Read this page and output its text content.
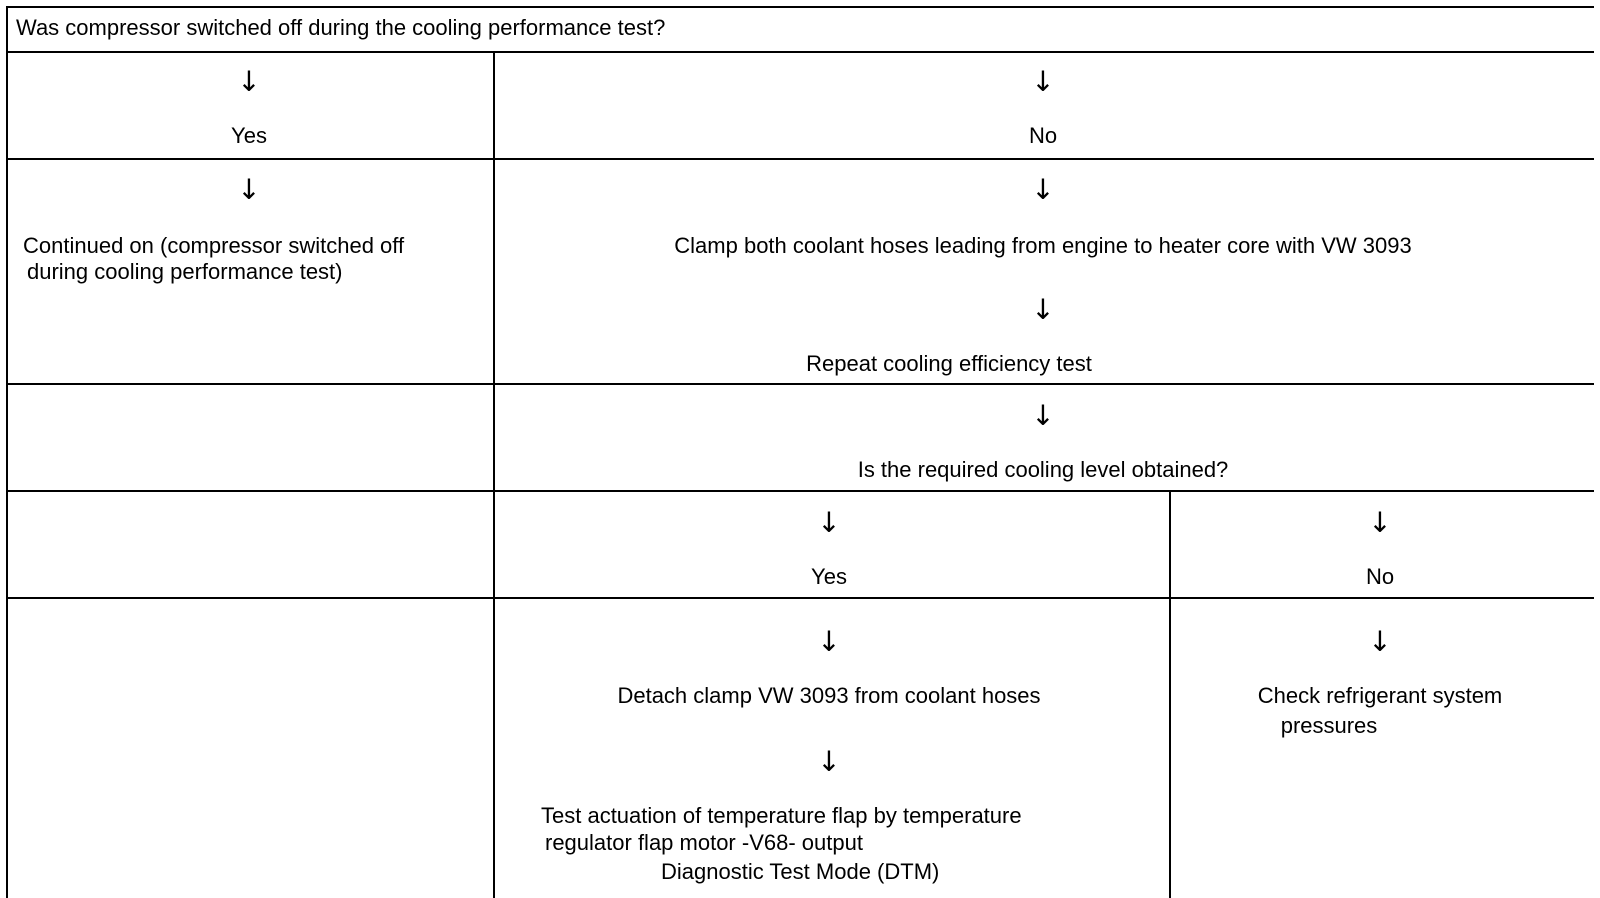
Was compressor switched off during the cooling performance test?
↓
Yes
↓
No
↓
Continued on (compressor switched off
during cooling performance test)
↓
Clamp both coolant hoses leading from engine to heater core with VW 3093
↓
Repeat cooling efficiency test
↓
Is the required cooling level obtained?
↓
Yes
↓
No
↓
Detach clamp VW 3093 from coolant hoses
↓
Test actuation of temperature flap by temperature
regulator flap motor -V68- output
Diagnostic Test Mode (DTM)
↓
Check refrigerant system
pressures
